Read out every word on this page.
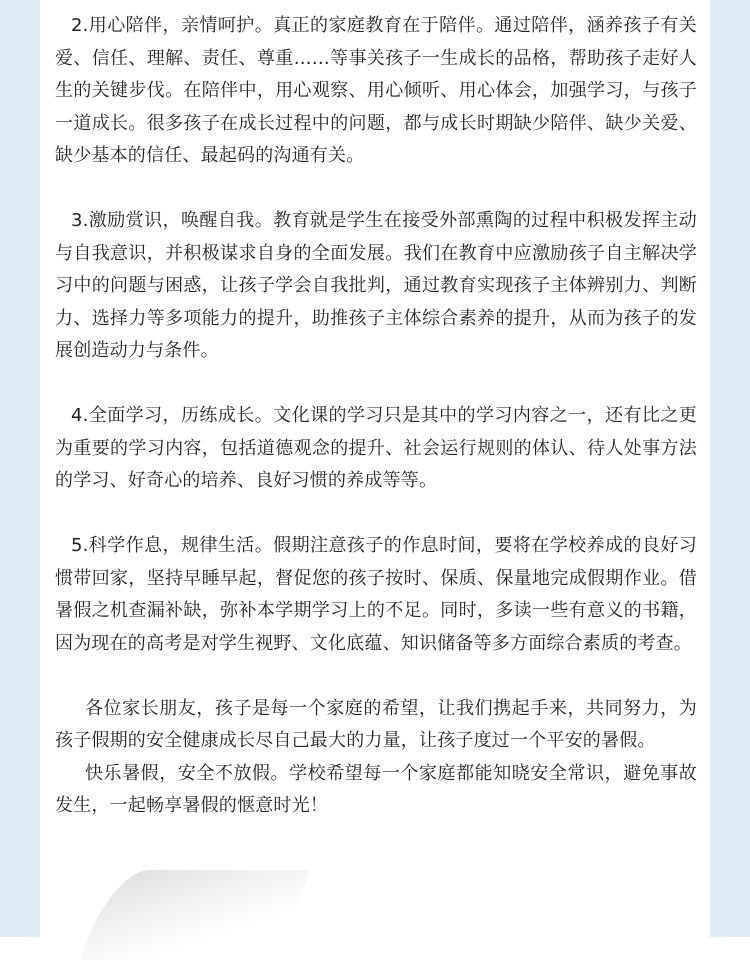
2.用心陪伴，亲情呵护。真正的家庭教育在于陪伴。通过陪伴，涵养孩子有关爱、信任、理解、责任、尊重……等事关孩子一生成长的品格，帮助孩子走好人生的关键步伐。在陪伴中，用心观察、用心倾听、用心体会，加强学习，与孩子一道成长。很多孩子在成长过程中的问题，都与成长时期缺少陪伴、缺少关爱、缺少基本的信任、最起码的沟通有关。

3.激励赏识，唤醒自我。教育就是学生在接受外部熏陶的过程中积极发挥主动与自我意识，并积极谋求自身的全面发展。我们在教育中应激励孩子自主解决学习中的问题与困惑，让孩子学会自我批判，通过教育实现孩子主体辨别力、判断力、选择力等多项能力的提升，助推孩子主体综合素养的提升，从而为孩子的发展创造动力与条件。

4.全面学习，历练成长。文化课的学习只是其中的学习内容之一，还有比之更为重要的学习内容，包括道德观念的提升、社会运行规则的体认、待人处事方法的学习、好奇心的培养、良好习惯的养成等等。

5.科学作息，规律生活。假期注意孩子的作息时间，要将在学校养成的良好习惯带回家，坚持早睡早起，督促您的孩子按时、保质、保量地完成假期作业。借暑假之机查漏补缺，弥补本学期学习上的不足。同时，多读一些有意义的书籍，因为现在的高考是对学生视野、文化底蕴、知识储备等多方面综合素质的考查。

各位家长朋友，孩子是每一个家庭的希望，让我们携起手来，共同努力，为孩子假期的安全健康成长尽自己最大的力量，让孩子度过一个平安的暑假。

快乐暑假，安全不放假。学校希望每一个家庭都能知晓安全常识，避免事故发生，一起畅享暑假的惬意时光！
